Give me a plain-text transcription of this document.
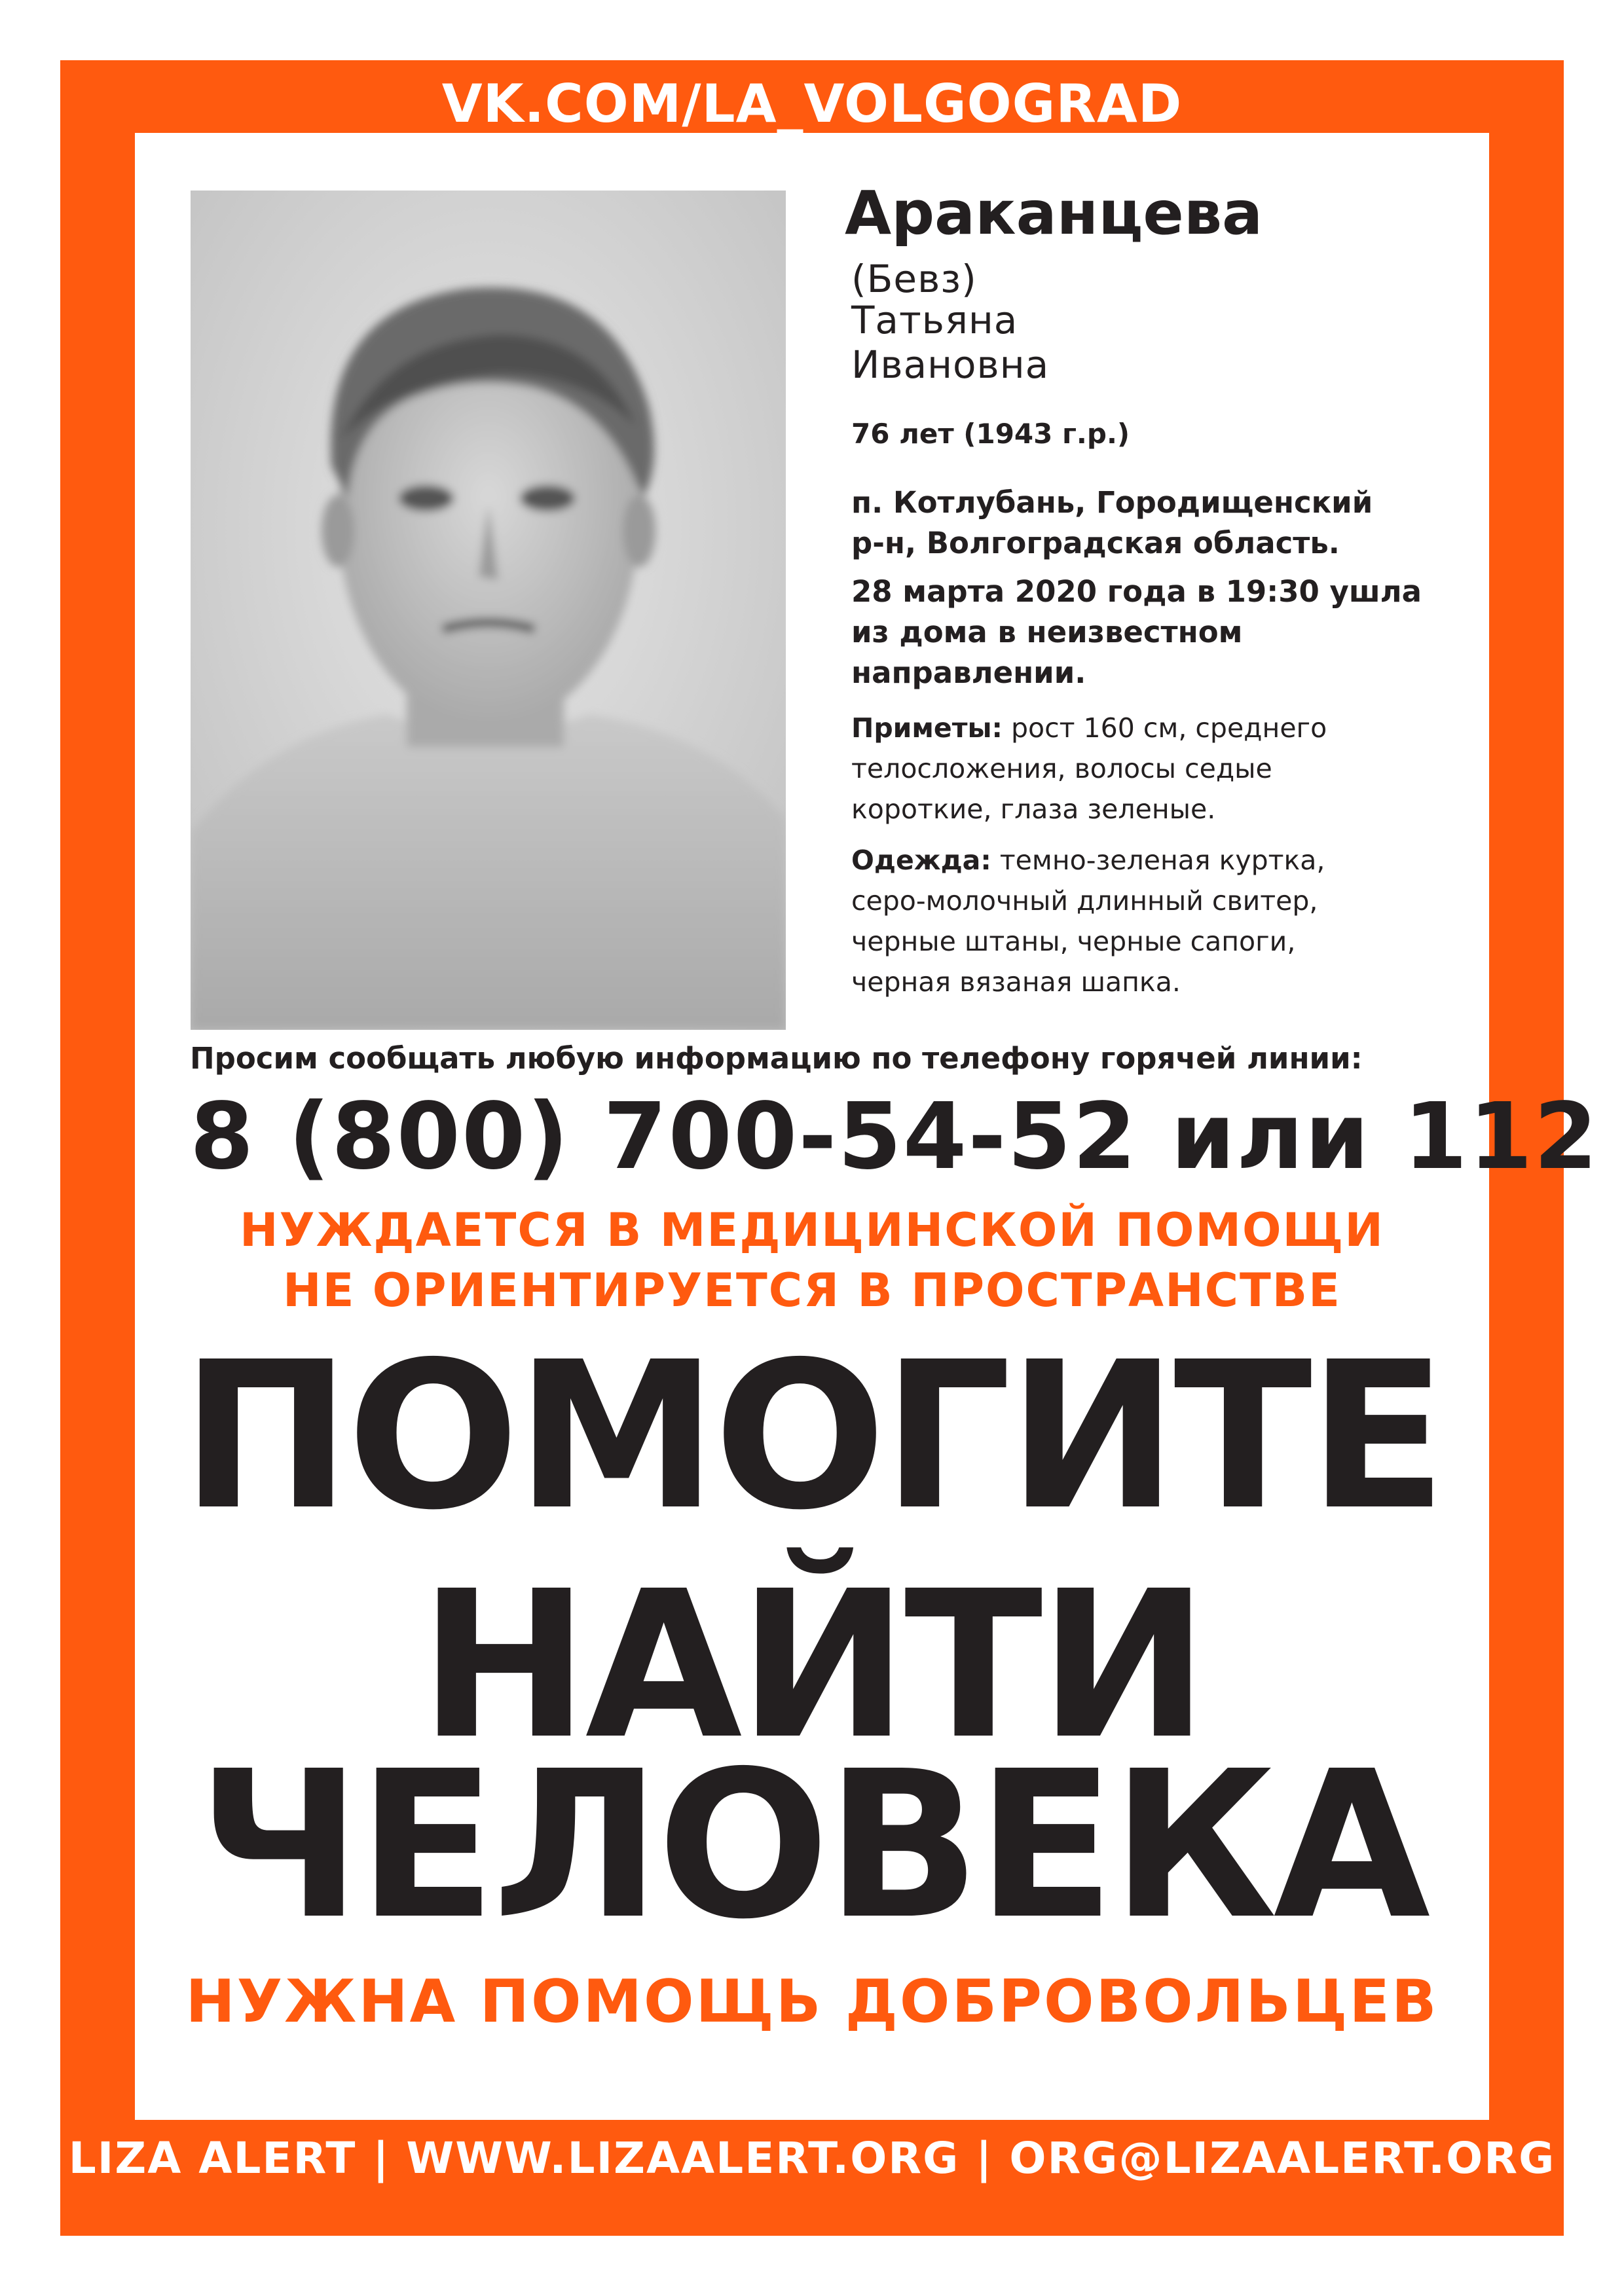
VK.COM/LA_VOLGOGRAD

Араканцева

(Бевз)

Татьяна

Ивановна

76 лет (1943 г.р.)

п. Котлубань, Городищенский

р-н, Волгоградская область.

28 марта 2020 года в 19:30 ушла

из дома в неизвестном

направлении.

Приметы: рост 160 см, среднего

телосложения, волосы седые

короткие, глаза зеленые.

Одежда: темно-зеленая куртка,

серо-молочный длинный свитер,

черные штаны, черные сапоги,

черная вязаная шапка.

Просим сообщать любую информацию по телефону горячей линии:

8 (800) 700-54-52 или 112

НУЖДАЕТСЯ В МЕДИЦИНСКОЙ ПОМОЩИ

НЕ ОРИЕНТИРУЕТСЯ В ПРОСТРАНСТВЕ

ПОМОГИТЕ

НАЙТИ

ЧЕЛОВЕКА

НУЖНА ПОМОЩЬ ДОБРОВОЛЬЦЕВ

LIZA ALERT | WWW.LIZAALERT.ORG | ORG@LIZAALERT.ORG
